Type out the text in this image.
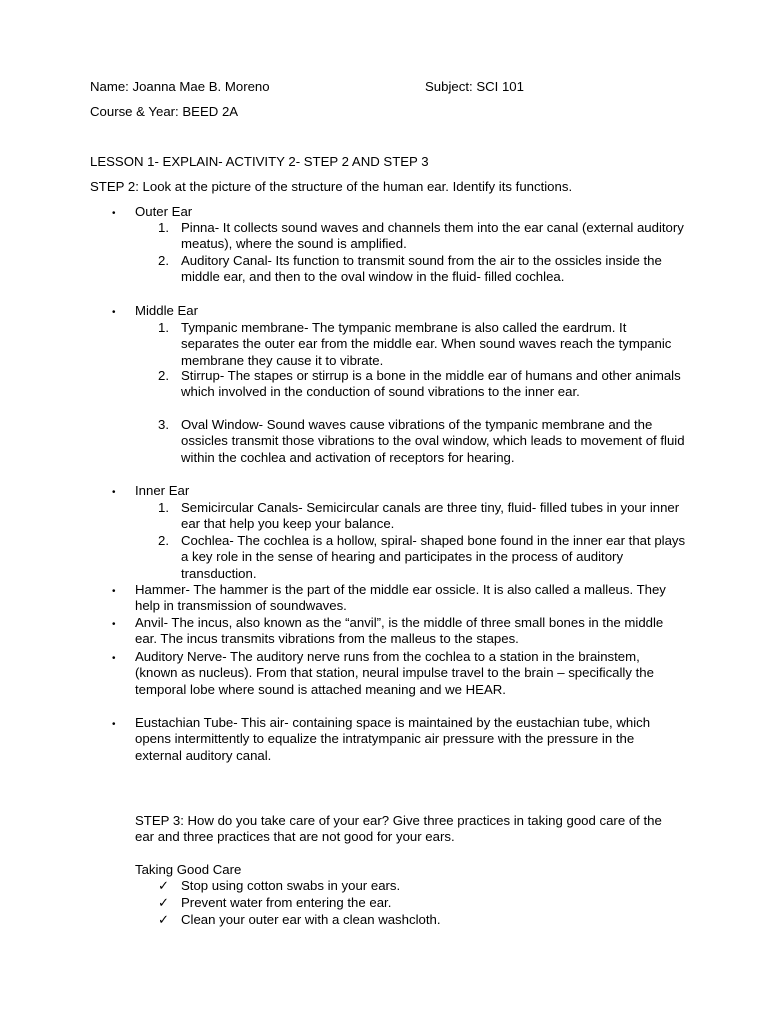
Name: Joanna Mae B. Moreno	Subject: SCI 101
Course & Year: BEED 2A
LESSON 1- EXPLAIN- ACTIVITY 2- STEP 2 AND STEP 3
STEP 2: Look at the picture of the structure of the human ear. Identify its functions.
• Outer Ear
1. Pinna- It collects sound waves and channels them into the ear canal (external auditory meatus), where the sound is amplified.
2. Auditory Canal- Its function to transmit sound from the air to the ossicles inside the middle ear, and then to the oval window in the fluid- filled cochlea.
• Middle Ear
1. Tympanic membrane- The tympanic membrane is also called the eardrum. It separates the outer ear from the middle ear. When sound waves reach the tympanic membrane they cause it to vibrate.
2. Stirrup- The stapes or stirrup is a bone in the middle ear of humans and other animals which involved in the conduction of sound vibrations to the inner ear.
3. Oval Window- Sound waves cause vibrations of the tympanic membrane and the ossicles transmit those vibrations to the oval window, which leads to movement of fluid within the cochlea and activation of receptors for hearing.
• Inner Ear
1. Semicircular Canals- Semicircular canals are three tiny, fluid- filled tubes in your inner ear that help you keep your balance.
2. Cochlea- The cochlea is a hollow, spiral- shaped bone found in the inner ear that plays a key role in the sense of hearing and participates in the process of auditory transduction.
• Hammer- The hammer is the part of the middle ear ossicle. It is also called a malleus. They help in transmission of soundwaves.
• Anvil- The incus, also known as the “anvil”, is the middle of three small bones in the middle ear. The incus transmits vibrations from the malleus to the stapes.
• Auditory Nerve- The auditory nerve runs from the cochlea to a station in the brainstem, (known as nucleus). From that station, neural impulse travel to the brain – specifically the temporal lobe where sound is attached meaning and we HEAR.
• Eustachian Tube- This air- containing space is maintained by the eustachian tube, which opens intermittently to equalize the intratympanic air pressure with the pressure in the external auditory canal.
STEP 3: How do you take care of your ear? Give three practices in taking good care of the ear and three practices that are not good for your ears.
Taking Good Care
✓ Stop using cotton swabs in your ears.
✓ Prevent water from entering the ear.
✓ Clean your outer ear with a clean washcloth.
